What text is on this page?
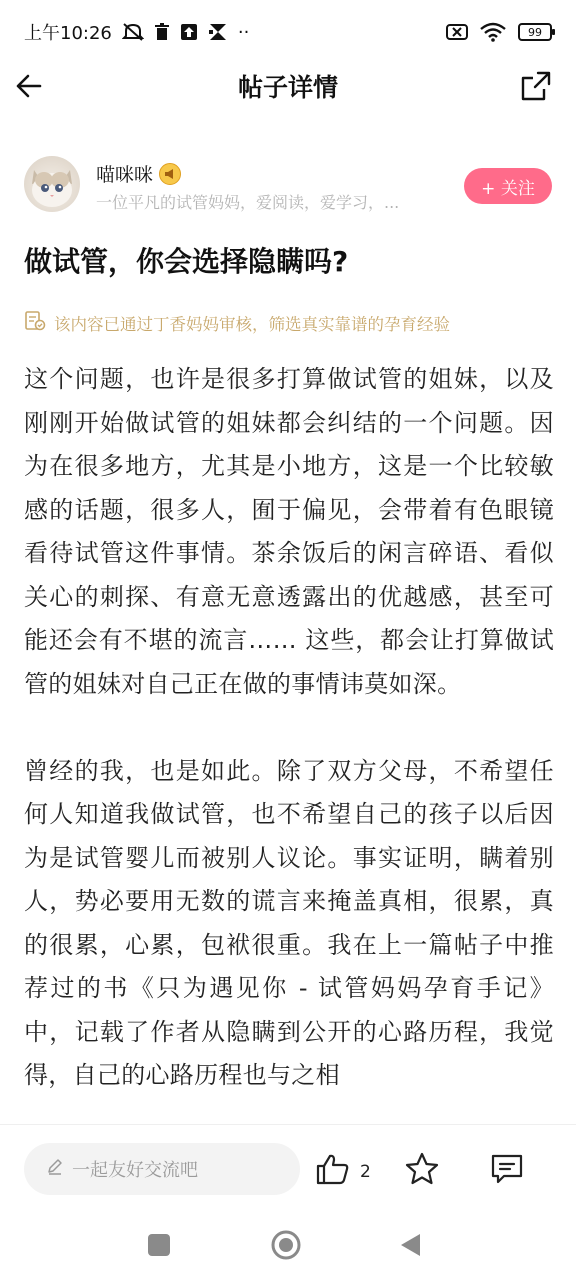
上午10:26	··	99
帖子详情
喵咪咪
一位平凡的试管妈妈，爱阅读，爱学习，...
+ 关注
做试管，你会选择隐瞒吗?
该内容已通过丁香妈妈审核，筛选真实靠谱的孕育经验

这个问题，也许是很多打算做试管的姐妹，以及刚刚开始做试管的姐妹都会纠结的一个问题。因为在很多地方，尤其是小地方，这是一个比较敏感的话题，很多人，囿于偏见，会带着有色眼镜看待试管这件事情。茶余饭后的闲言碎语、看似关心的刺探、有意无意透露出的优越感，甚至可能还会有不堪的流言…… 这些，都会让打算做试管的姐妹对自己正在做的事情讳莫如深。

曾经的我，也是如此。除了双方父母，不希望任何人知道我做试管，也不希望自己的孩子以后因为是试管婴儿而被别人议论。事实证明，瞒着别人，势必要用无数的谎言来掩盖真相，很累，真的很累，心累，包袱很重。我在上一篇帖子中推荐过的书《只为遇见你 - 试管妈妈孕育手记》中，记载了作者从隐瞒到公开的心路历程，我觉得，自己的心路历程也与之相

一起友好交流吧	2
